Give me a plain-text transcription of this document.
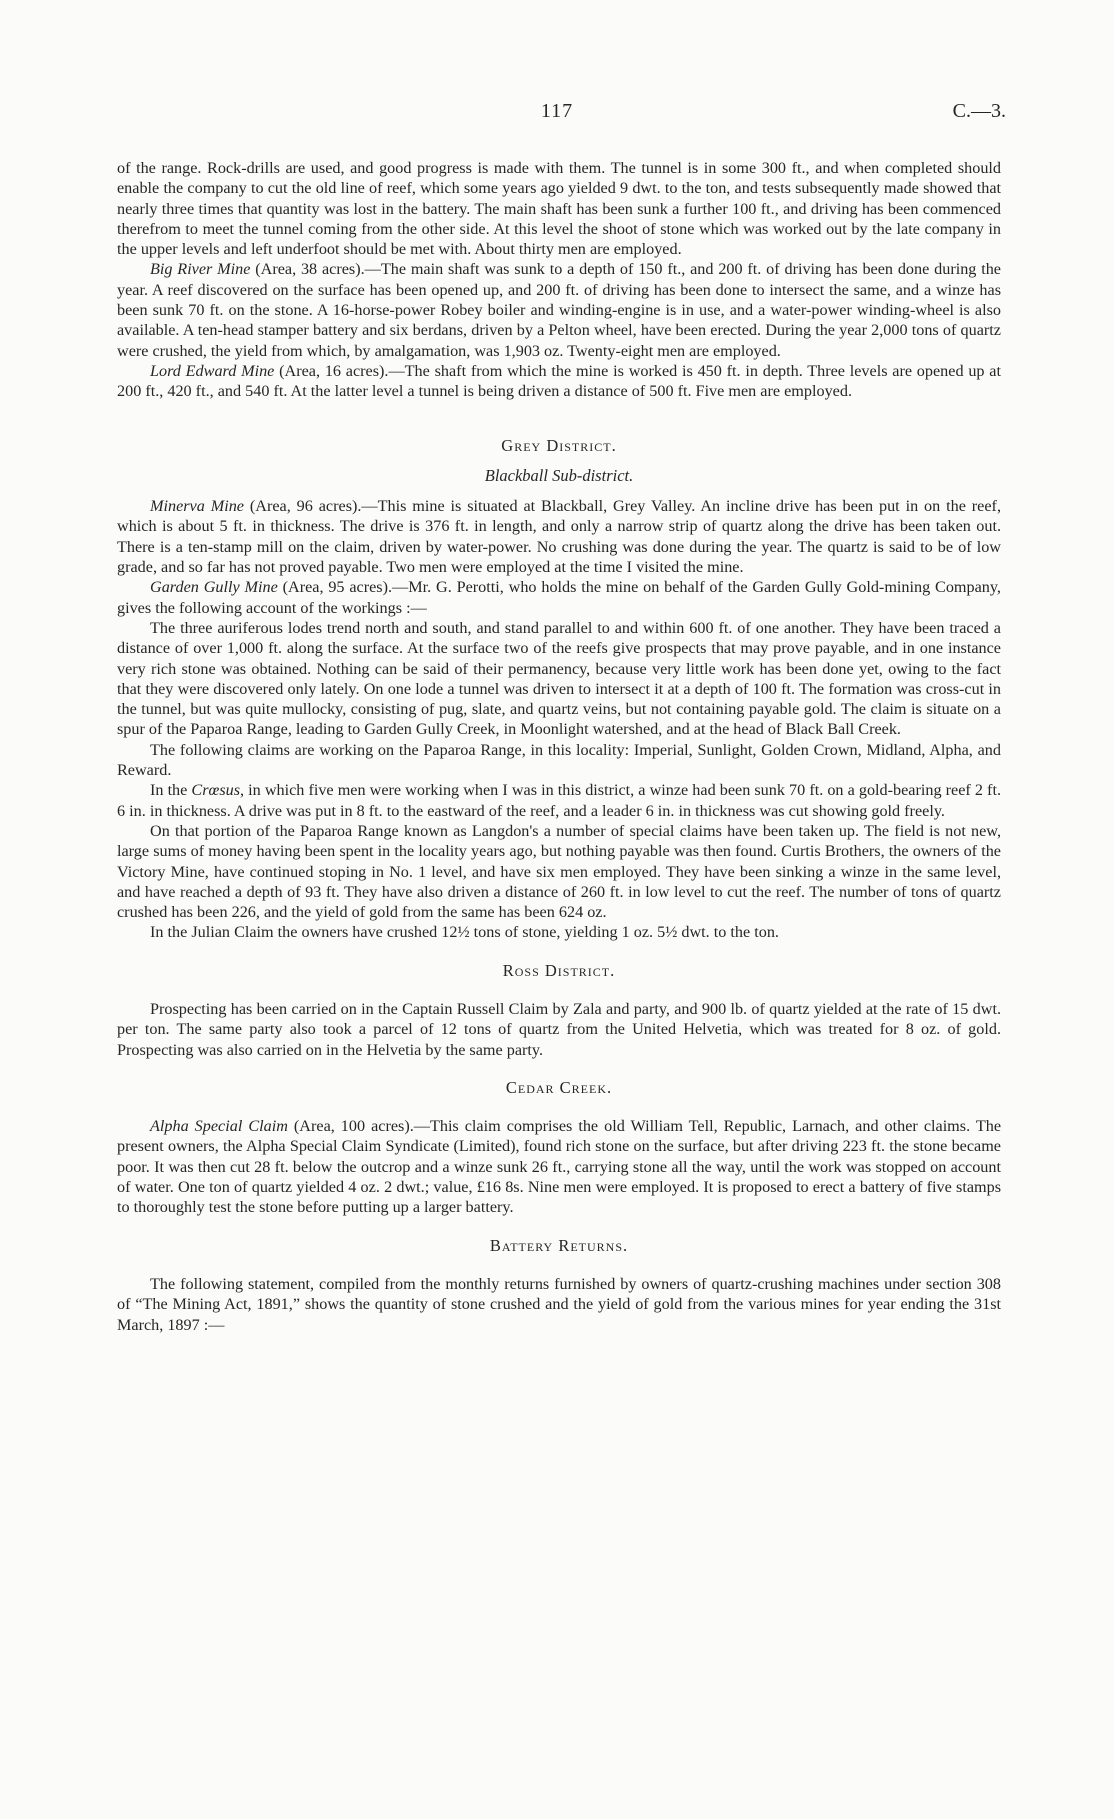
117	C.—3.

of the range. Rock-drills are used, and good progress is made with them. The tunnel is in some 300 ft., and when completed should enable the company to cut the old line of reef, which some years ago yielded 9 dwt. to the ton, and tests subsequently made showed that nearly three times that quantity was lost in the battery. The main shaft has been sunk a further 100 ft., and driving has been commenced therefrom to meet the tunnel coming from the other side. At this level the shoot of stone which was worked out by the late company in the upper levels and left underfoot should be met with. About thirty men are employed.

Big River Mine (Area, 38 acres).—The main shaft was sunk to a depth of 150 ft., and 200 ft. of driving has been done during the year. A reef discovered on the surface has been opened up, and 200 ft. of driving has been done to intersect the same, and a winze has been sunk 70 ft. on the stone. A 16-horse-power Robey boiler and winding-engine is in use, and a water-power winding-wheel is also available. A ten-head stamper battery and six berdans, driven by a Pelton wheel, have been erected. During the year 2,000 tons of quartz were crushed, the yield from which, by amalgamation, was 1,903 oz. Twenty-eight men are employed.

Lord Edward Mine (Area, 16 acres).—The shaft from which the mine is worked is 450 ft. in depth. Three levels are opened up at 200 ft., 420 ft., and 540 ft. At the latter level a tunnel is being driven a distance of 500 ft. Five men are employed.

Grey District.
Blackball Sub-district.

Minerva Mine (Area, 96 acres).—This mine is situated at Blackball, Grey Valley. An incline drive has been put in on the reef, which is about 5 ft. in thickness. The drive is 376 ft. in length, and only a narrow strip of quartz along the drive has been taken out. There is a ten-stamp mill on the claim, driven by water-power. No crushing was done during the year. The quartz is said to be of low grade, and so far has not proved payable. Two men were employed at the time I visited the mine.

Garden Gully Mine (Area, 95 acres).—Mr. G. Perotti, who holds the mine on behalf of the Garden Gully Gold-mining Company, gives the following account of the workings :—

The three auriferous lodes trend north and south, and stand parallel to and within 600 ft. of one another. They have been traced a distance of over 1,000 ft. along the surface. At the surface two of the reefs give prospects that may prove payable, and in one instance very rich stone was obtained. Nothing can be said of their permanency, because very little work has been done yet, owing to the fact that they were discovered only lately. On one lode a tunnel was driven to intersect it at a depth of 100 ft. The formation was cross-cut in the tunnel, but was quite mullocky, consisting of pug, slate, and quartz veins, but not containing payable gold. The claim is situate on a spur of the Paparoa Range, leading to Garden Gully Creek, in Moonlight watershed, and at the head of Black Ball Creek.

The following claims are working on the Paparoa Range, in this locality: Imperial, Sunlight, Golden Crown, Midland, Alpha, and Reward.

In the Crœsus, in which five men were working when I was in this district, a winze had been sunk 70 ft. on a gold-bearing reef 2 ft. 6 in. in thickness. A drive was put in 8 ft. to the eastward of the reef, and a leader 6 in. in thickness was cut showing gold freely.

On that portion of the Paparoa Range known as Langdon's a number of special claims have been taken up. The field is not new, large sums of money having been spent in the locality years ago, but nothing payable was then found. Curtis Brothers, the owners of the Victory Mine, have continued stoping in No. 1 level, and have six men employed. They have been sinking a winze in the same level, and have reached a depth of 93 ft. They have also driven a distance of 260 ft. in low level to cut the reef. The number of tons of quartz crushed has been 226, and the yield of gold from the same has been 624 oz.

In the Julian Claim the owners have crushed 12½ tons of stone, yielding 1 oz. 5½ dwt. to the ton.

Ross District.

Prospecting has been carried on in the Captain Russell Claim by Zala and party, and 900 lb. of quartz yielded at the rate of 15 dwt. per ton. The same party also took a parcel of 12 tons of quartz from the United Helvetia, which was treated for 8 oz. of gold. Prospecting was also carried on in the Helvetia by the same party.

Cedar Creek.

Alpha Special Claim (Area, 100 acres).—This claim comprises the old William Tell, Republic, Larnach, and other claims. The present owners, the Alpha Special Claim Syndicate (Limited), found rich stone on the surface, but after driving 223 ft. the stone became poor. It was then cut 28 ft. below the outcrop and a winze sunk 26 ft., carrying stone all the way, until the work was stopped on account of water. One ton of quartz yielded 4 oz. 2 dwt.; value, £16 8s. Nine men were employed. It is proposed to erect a battery of five stamps to thoroughly test the stone before putting up a larger battery.

Battery Returns.

The following statement, compiled from the monthly returns furnished by owners of quartz-crushing machines under section 308 of “The Mining Act, 1891,” shows the quantity of stone crushed and the yield of gold from the various mines for year ending the 31st March, 1897 :—
